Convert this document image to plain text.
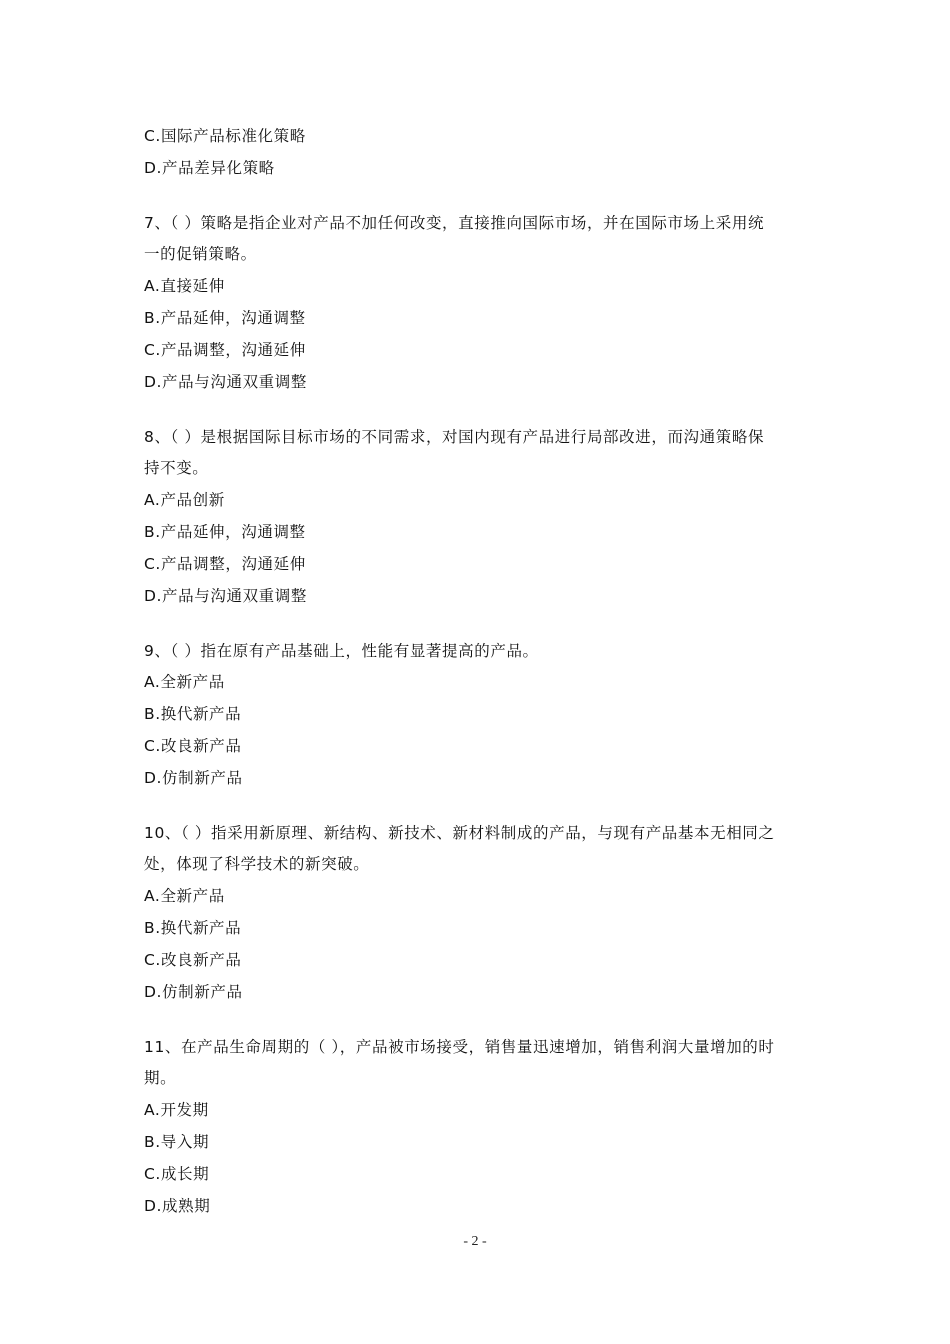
C.国际产品标准化策略
D.产品差异化策略
7、（ ）策略是指企业对产品不加任何改变，直接推向国际市场，并在国际市场上采用统
一的促销策略。
A.直接延伸
B.产品延伸，沟通调整
C.产品调整，沟通延伸
D.产品与沟通双重调整
8、（ ）是根据国际目标市场的不同需求，对国内现有产品进行局部改进，而沟通策略保
持不变。
A.产品创新
B.产品延伸，沟通调整
C.产品调整，沟通延伸
D.产品与沟通双重调整
9、（ ）指在原有产品基础上，性能有显著提高的产品。
A.全新产品
B.换代新产品
C.改良新产品
D.仿制新产品
10、（ ）指采用新原理、新结构、新技术、新材料制成的产品，与现有产品基本无相同之
处，体现了科学技术的新突破。
A.全新产品
B.换代新产品
C.改良新产品
D.仿制新产品
11、在产品生命周期的（ ），产品被市场接受，销售量迅速增加，销售利润大量增加的时
期。
A.开发期
B.导入期
C.成长期
D.成熟期
- 2 -
